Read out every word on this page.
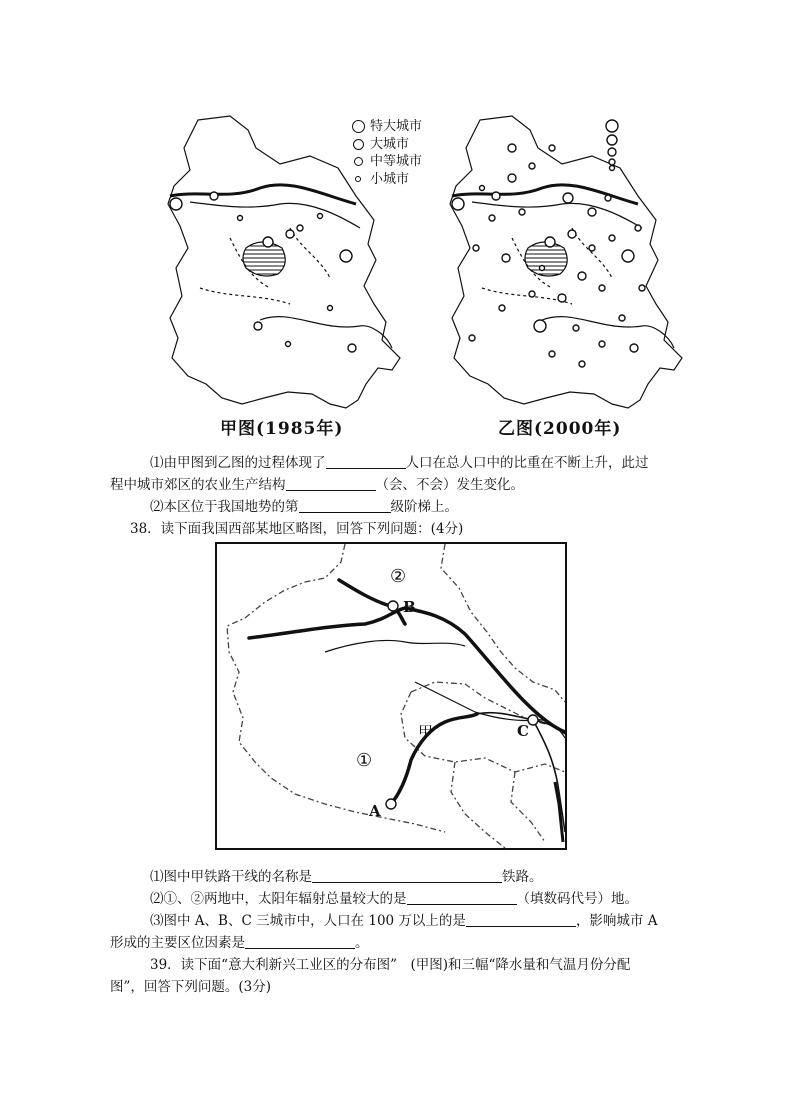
特大城市
大城市
中等城市
小城市
甲图(1985年)	乙图(2000年)
⑴由甲图到乙图的过程体现了	人口在总人口中的比重在不断上升，此过
程中城市郊区的农业生产结构	（会、不会）发生变化。
⑵本区位于我国地势的第	级阶梯上。
38．读下面我国西部某地区略图，回答下列问题：(4分)
②
①
B
C
A
甲
⑴图中甲铁路干线的名称是	铁路。
⑵①、②两地中，太阳年辐射总量较大的是	（填数码代号）地。
⑶图中 A、B、C 三城市中，人口在 100 万以上的是	，影响城市 A
形成的主要区位因素是	。
39．读下面“意大利新兴工业区的分布图”　(甲图)和三幅“降水量和气温月份分配
图”，回答下列问题。(3分)
